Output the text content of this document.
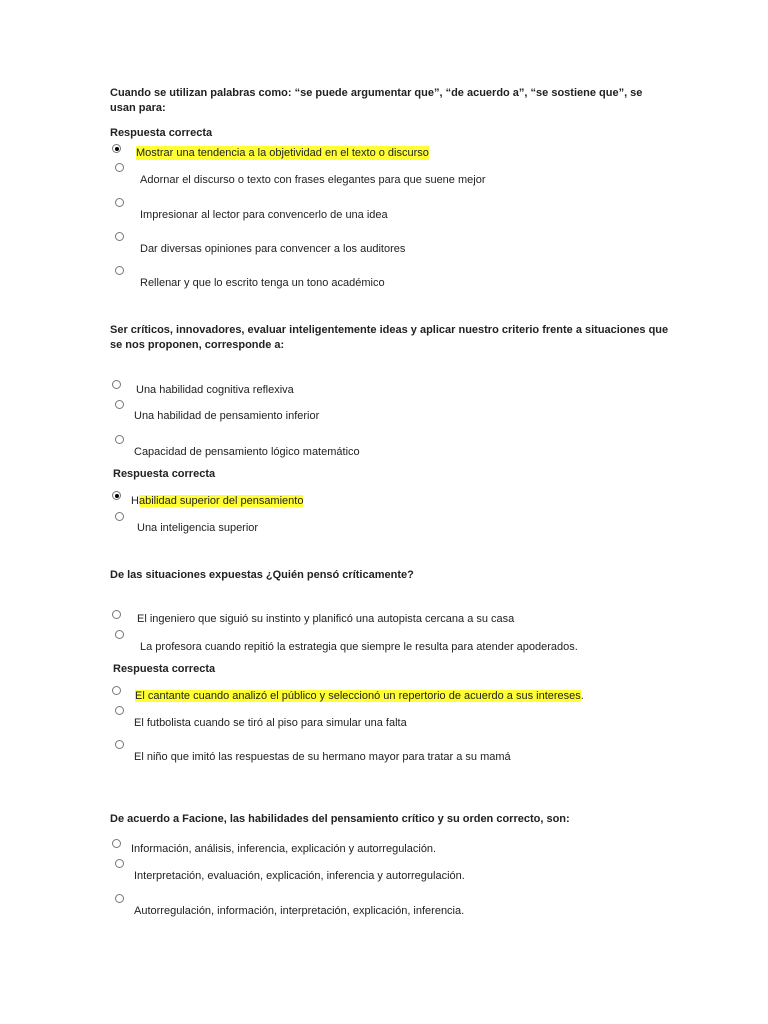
Cuando se utilizan palabras como: “se puede argumentar que”, “de acuerdo a”, “se sostiene que”, se usan para:
Respuesta correcta
Mostrar una tendencia a la objetividad en el texto o discurso
Adornar el discurso o texto con frases elegantes para que suene mejor
Impresionar al lector para convencerlo de una idea
Dar diversas opiniones para convencer a los auditores
Rellenar y que lo escrito tenga un tono académico
Ser críticos, innovadores, evaluar inteligentemente ideas y aplicar nuestro criterio frente a situaciones que se nos proponen, corresponde a:
Una habilidad cognitiva reflexiva
Una habilidad de pensamiento inferior
Capacidad de pensamiento lógico matemático
Respuesta correcta
Habilidad superior del pensamiento
Una inteligencia superior
De las situaciones expuestas ¿Quién pensó críticamente?
El ingeniero que siguió su instinto y planificó una autopista cercana a su casa
La profesora cuando repitió la estrategia que siempre le resulta para atender apoderados.
Respuesta correcta
El cantante cuando analizó el público y seleccionó un repertorio de acuerdo a sus intereses.
El futbolista cuando se tiró al piso para simular una falta
El niño que imitó las respuestas de su hermano mayor para tratar a su mamá
De acuerdo a Facione, las habilidades del pensamiento crítico y su orden correcto, son:
Información, análisis, inferencia, explicación y autorregulación.
Interpretación, evaluación, explicación, inferencia y autorregulación.
Autorregulación, información, interpretación, explicación, inferencia.
